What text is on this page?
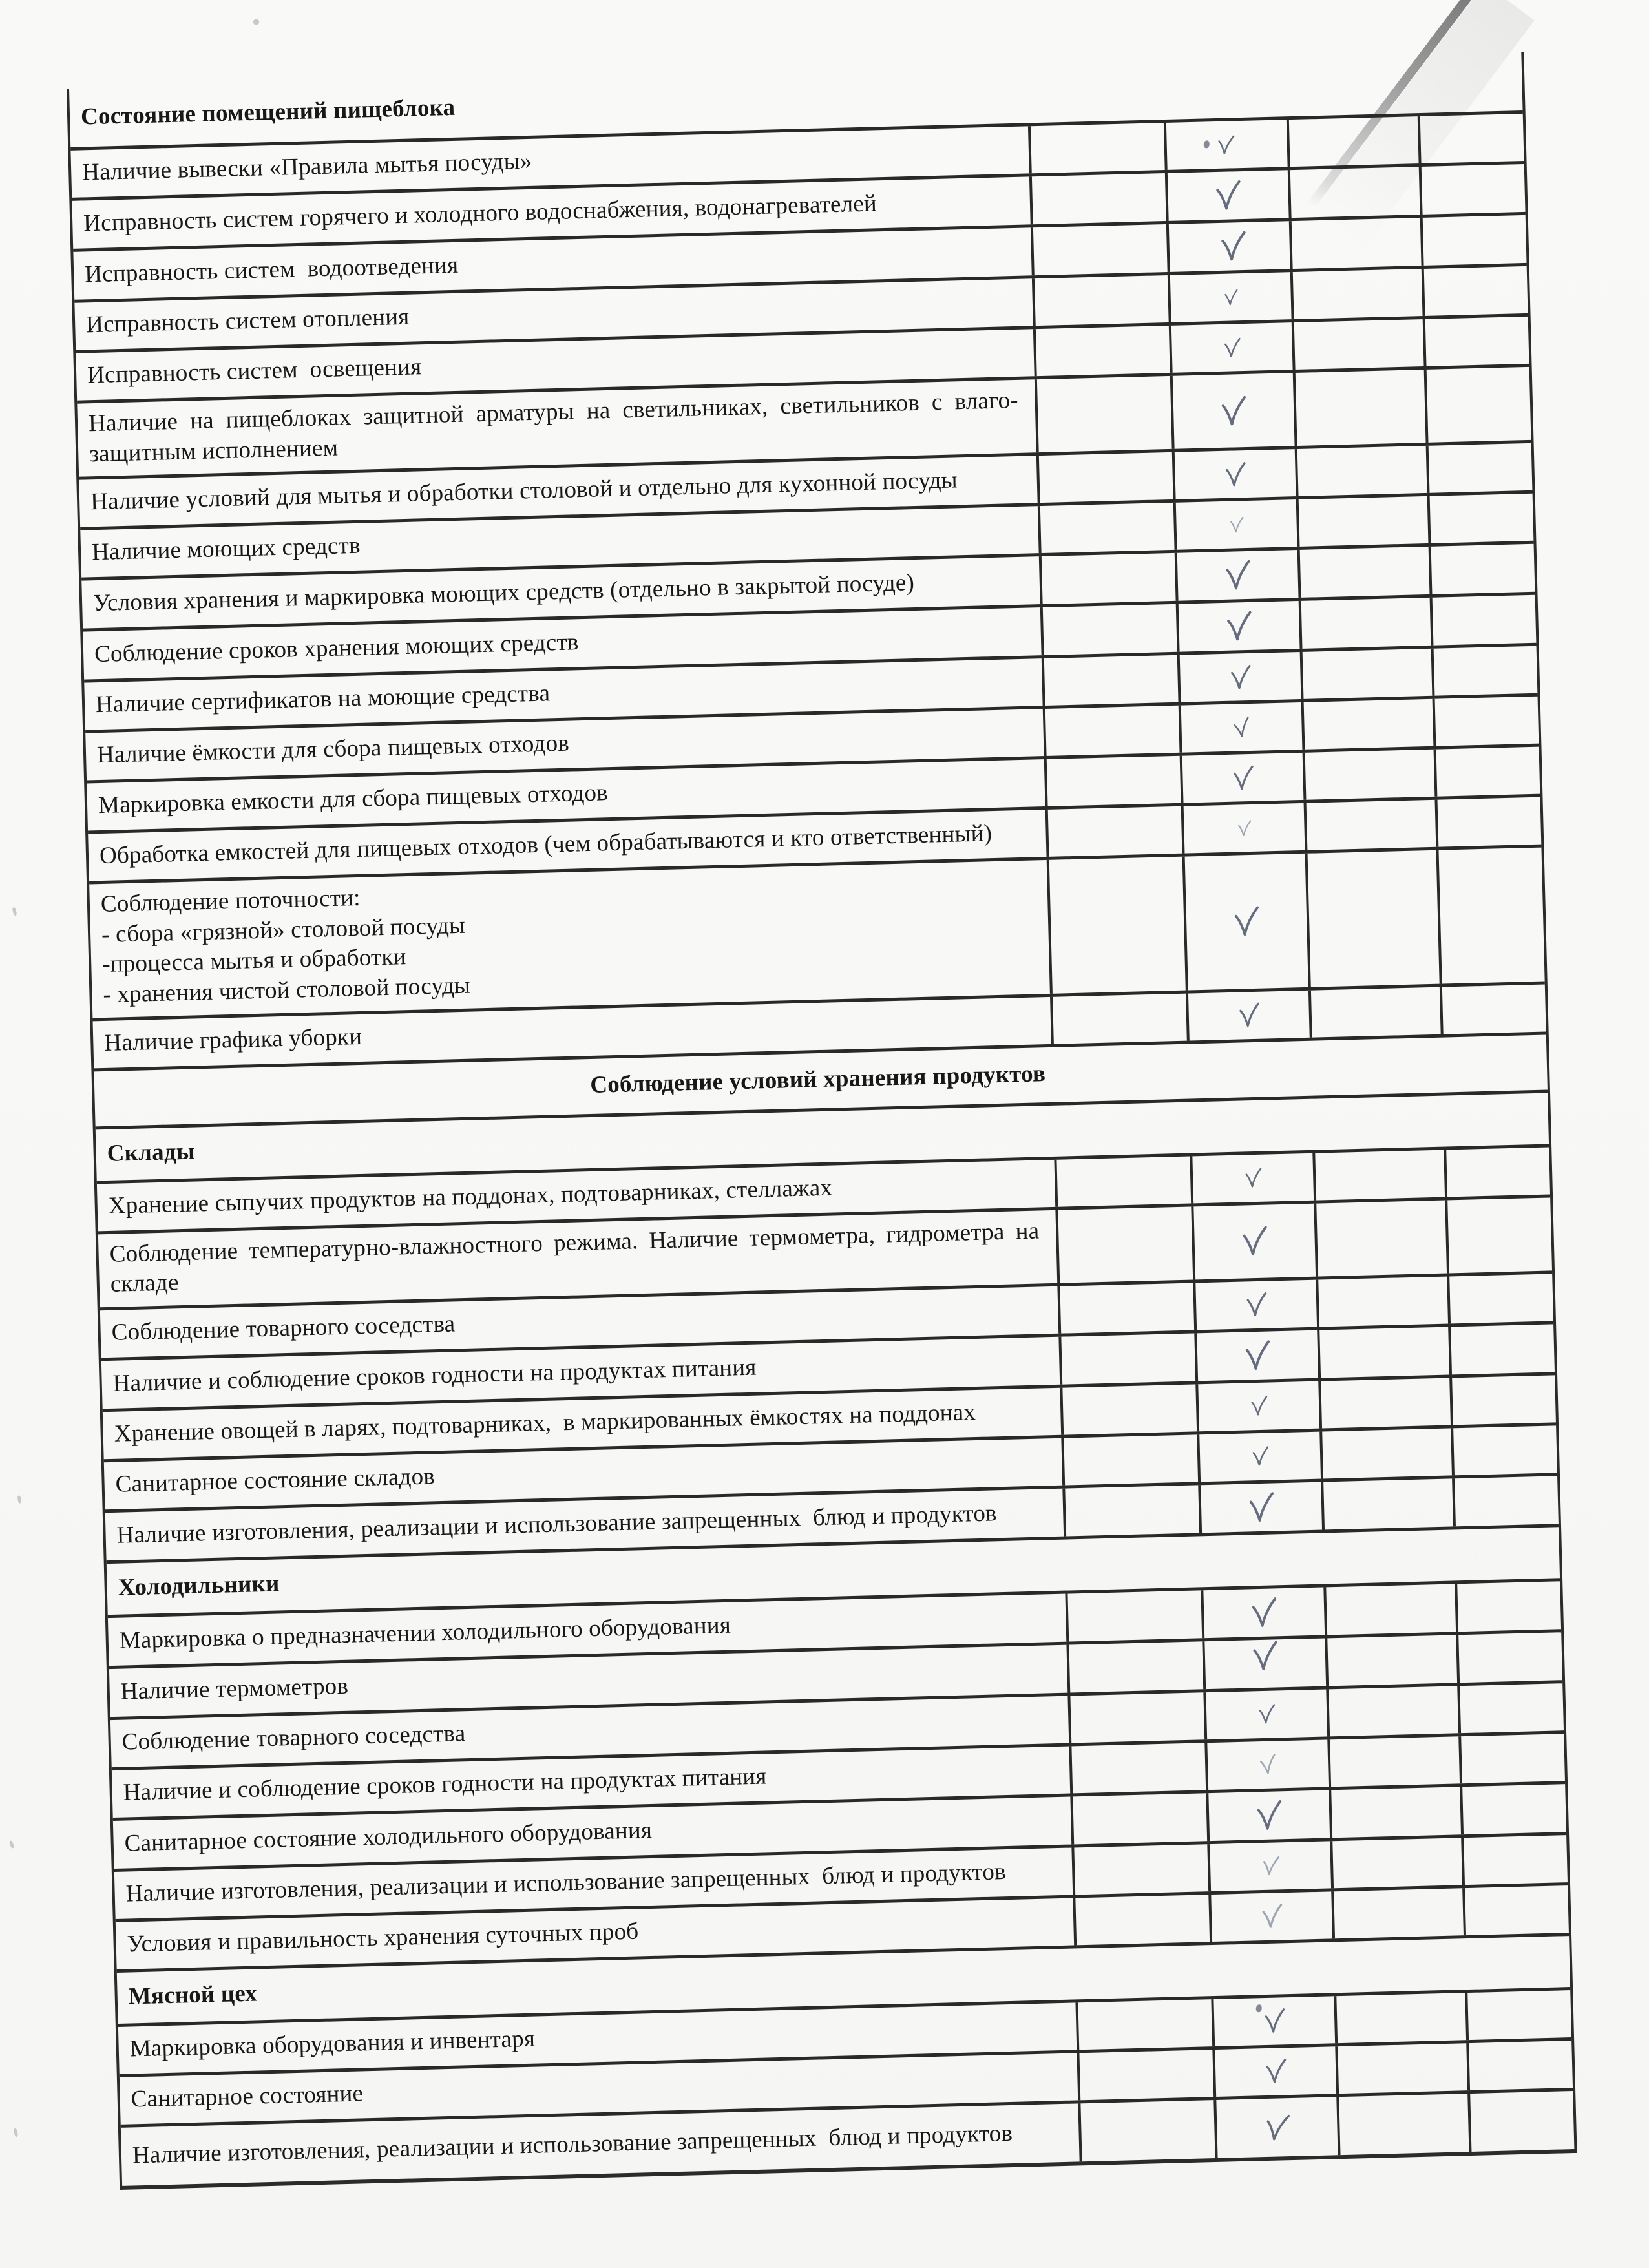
Состояние помещений пищеблока
Наличие вывески «Правила мытья посуды»
Исправность систем горячего и холодного водоснабжения, водонагревателей
Исправность систем  водоотведения
Исправность систем отопления
Исправность систем  освещения
Наличие на пищеблоках защитной арматуры на светильниках, светильников с влаго-защитным исполнением
Наличие условий для мытья и обработки столовой и отдельно для кухонной посуды
Наличие моющих средств
Условия хранения и маркировка моющих средств (отдельно в закрытой посуде)
Соблюдение сроков хранения моющих средств
Наличие сертификатов на моющие средства
Наличие ёмкости для сбора пищевых отходов
Маркировка емкости для сбора пищевых отходов
Обработка емкостей для пищевых отходов (чем обрабатываются и кто ответственный)
Соблюдение поточности:
- сбора «грязной» столовой посуды
-процесса мытья и обработки
- хранения чистой столовой посуды
Наличие графика уборки
Соблюдение условий хранения продуктов
Склады
Хранение сыпучих продуктов на поддонах, подтоварниках, стеллажах
Соблюдение температурно-влажностного режима. Наличие термометра, гидрометра на складе
Соблюдение товарного соседства
Наличие и соблюдение сроков годности на продуктах питания
Хранение овощей в ларях, подтоварниках,  в маркированных ёмкостях на поддонах
Санитарное состояние складов
Наличие изготовления, реализации и использование запрещенных  блюд и продуктов
Холодильники
Маркировка о предназначении холодильного оборудования
Наличие термометров
Соблюдение товарного соседства
Наличие и соблюдение сроков годности на продуктах питания
Санитарное состояние холодильного оборудования
Наличие изготовления, реализации и использование запрещенных  блюд и продуктов
Условия и правильность хранения суточных проб
Мясной цех
Маркировка оборудования и инвентаря
Санитарное состояние
Наличие изготовления, реализации и использование запрещенных  блюд и продуктов
